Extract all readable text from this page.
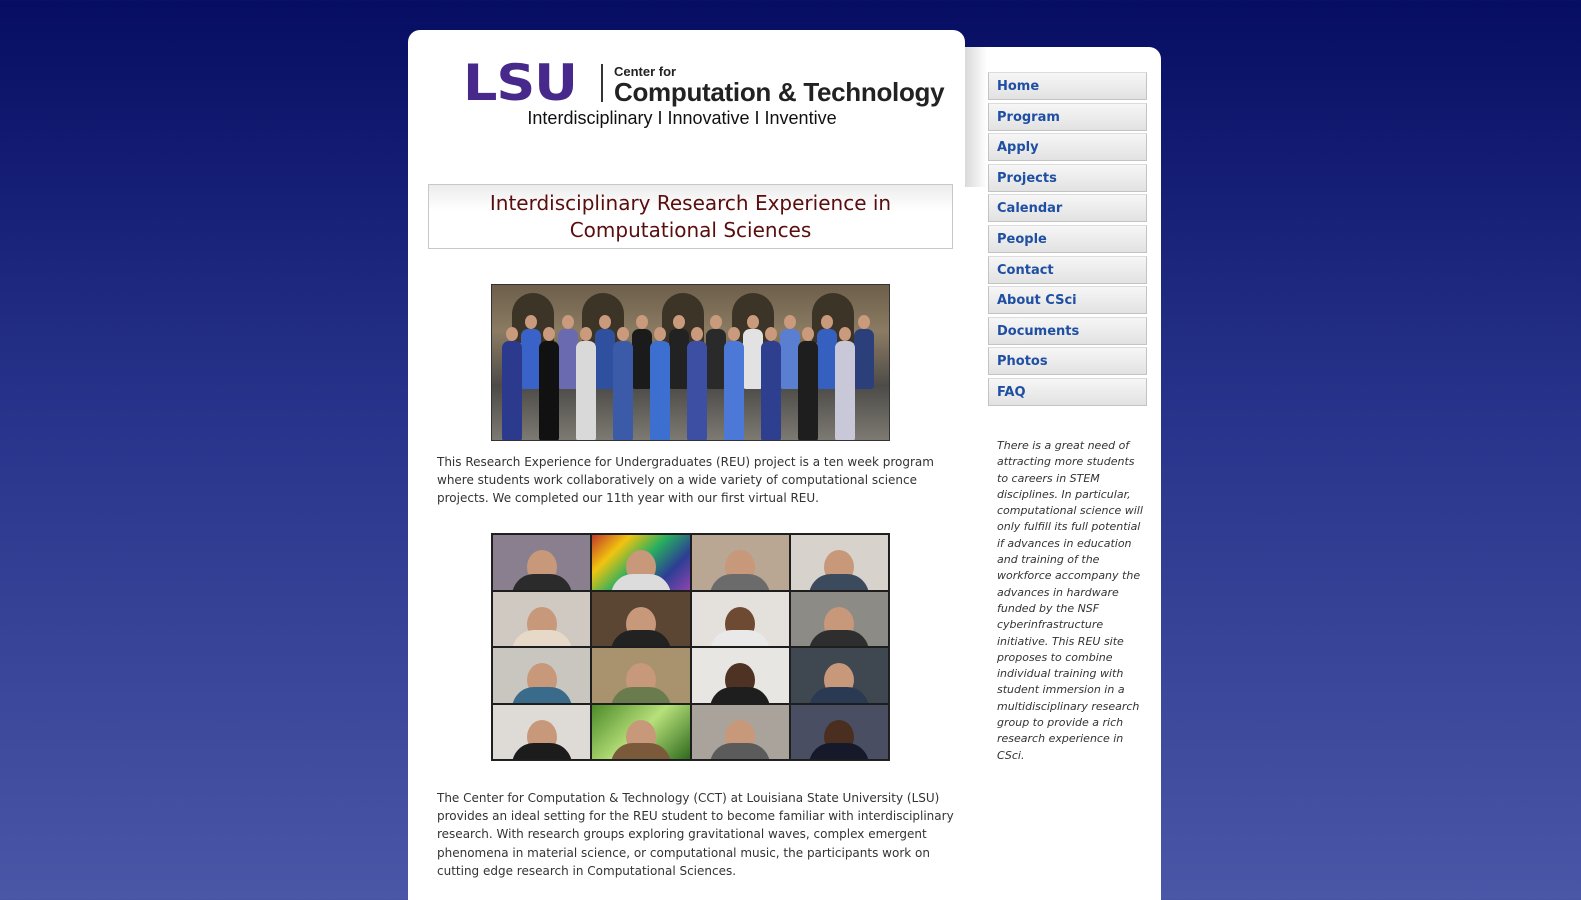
LSU	Center for
Computation & Technology
Interdisciplinary I Innovative I Inventive
Interdisciplinary Research Experience in Computational Sciences
This Research Experience for Undergraduates (REU) project is a ten week program where students work collaboratively on a wide variety of computational science projects. We completed our 11th year with our first virtual REU.
The Center for Computation & Technology (CCT) at Louisiana State University (LSU) provides an ideal setting for the REU student to become familiar with interdisciplinary research. With research groups exploring gravitational waves, complex emergent phenomena in material science, or computational music, the participants work on cutting edge research in Computational Sciences.
Home
Program
Apply
Projects
Calendar
People
Contact
About CSci
Documents
Photos
FAQ
There is a great need of attracting more students to careers in STEM disciplines. In particular, computational science will only fulfill its full potential if advances in education and training of the workforce accompany the advances in hardware funded by the NSF cyberinfrastructure initiative. This REU site proposes to combine individual training with student immersion in a multidisciplinary research group to provide a rich research experience in CSci.
